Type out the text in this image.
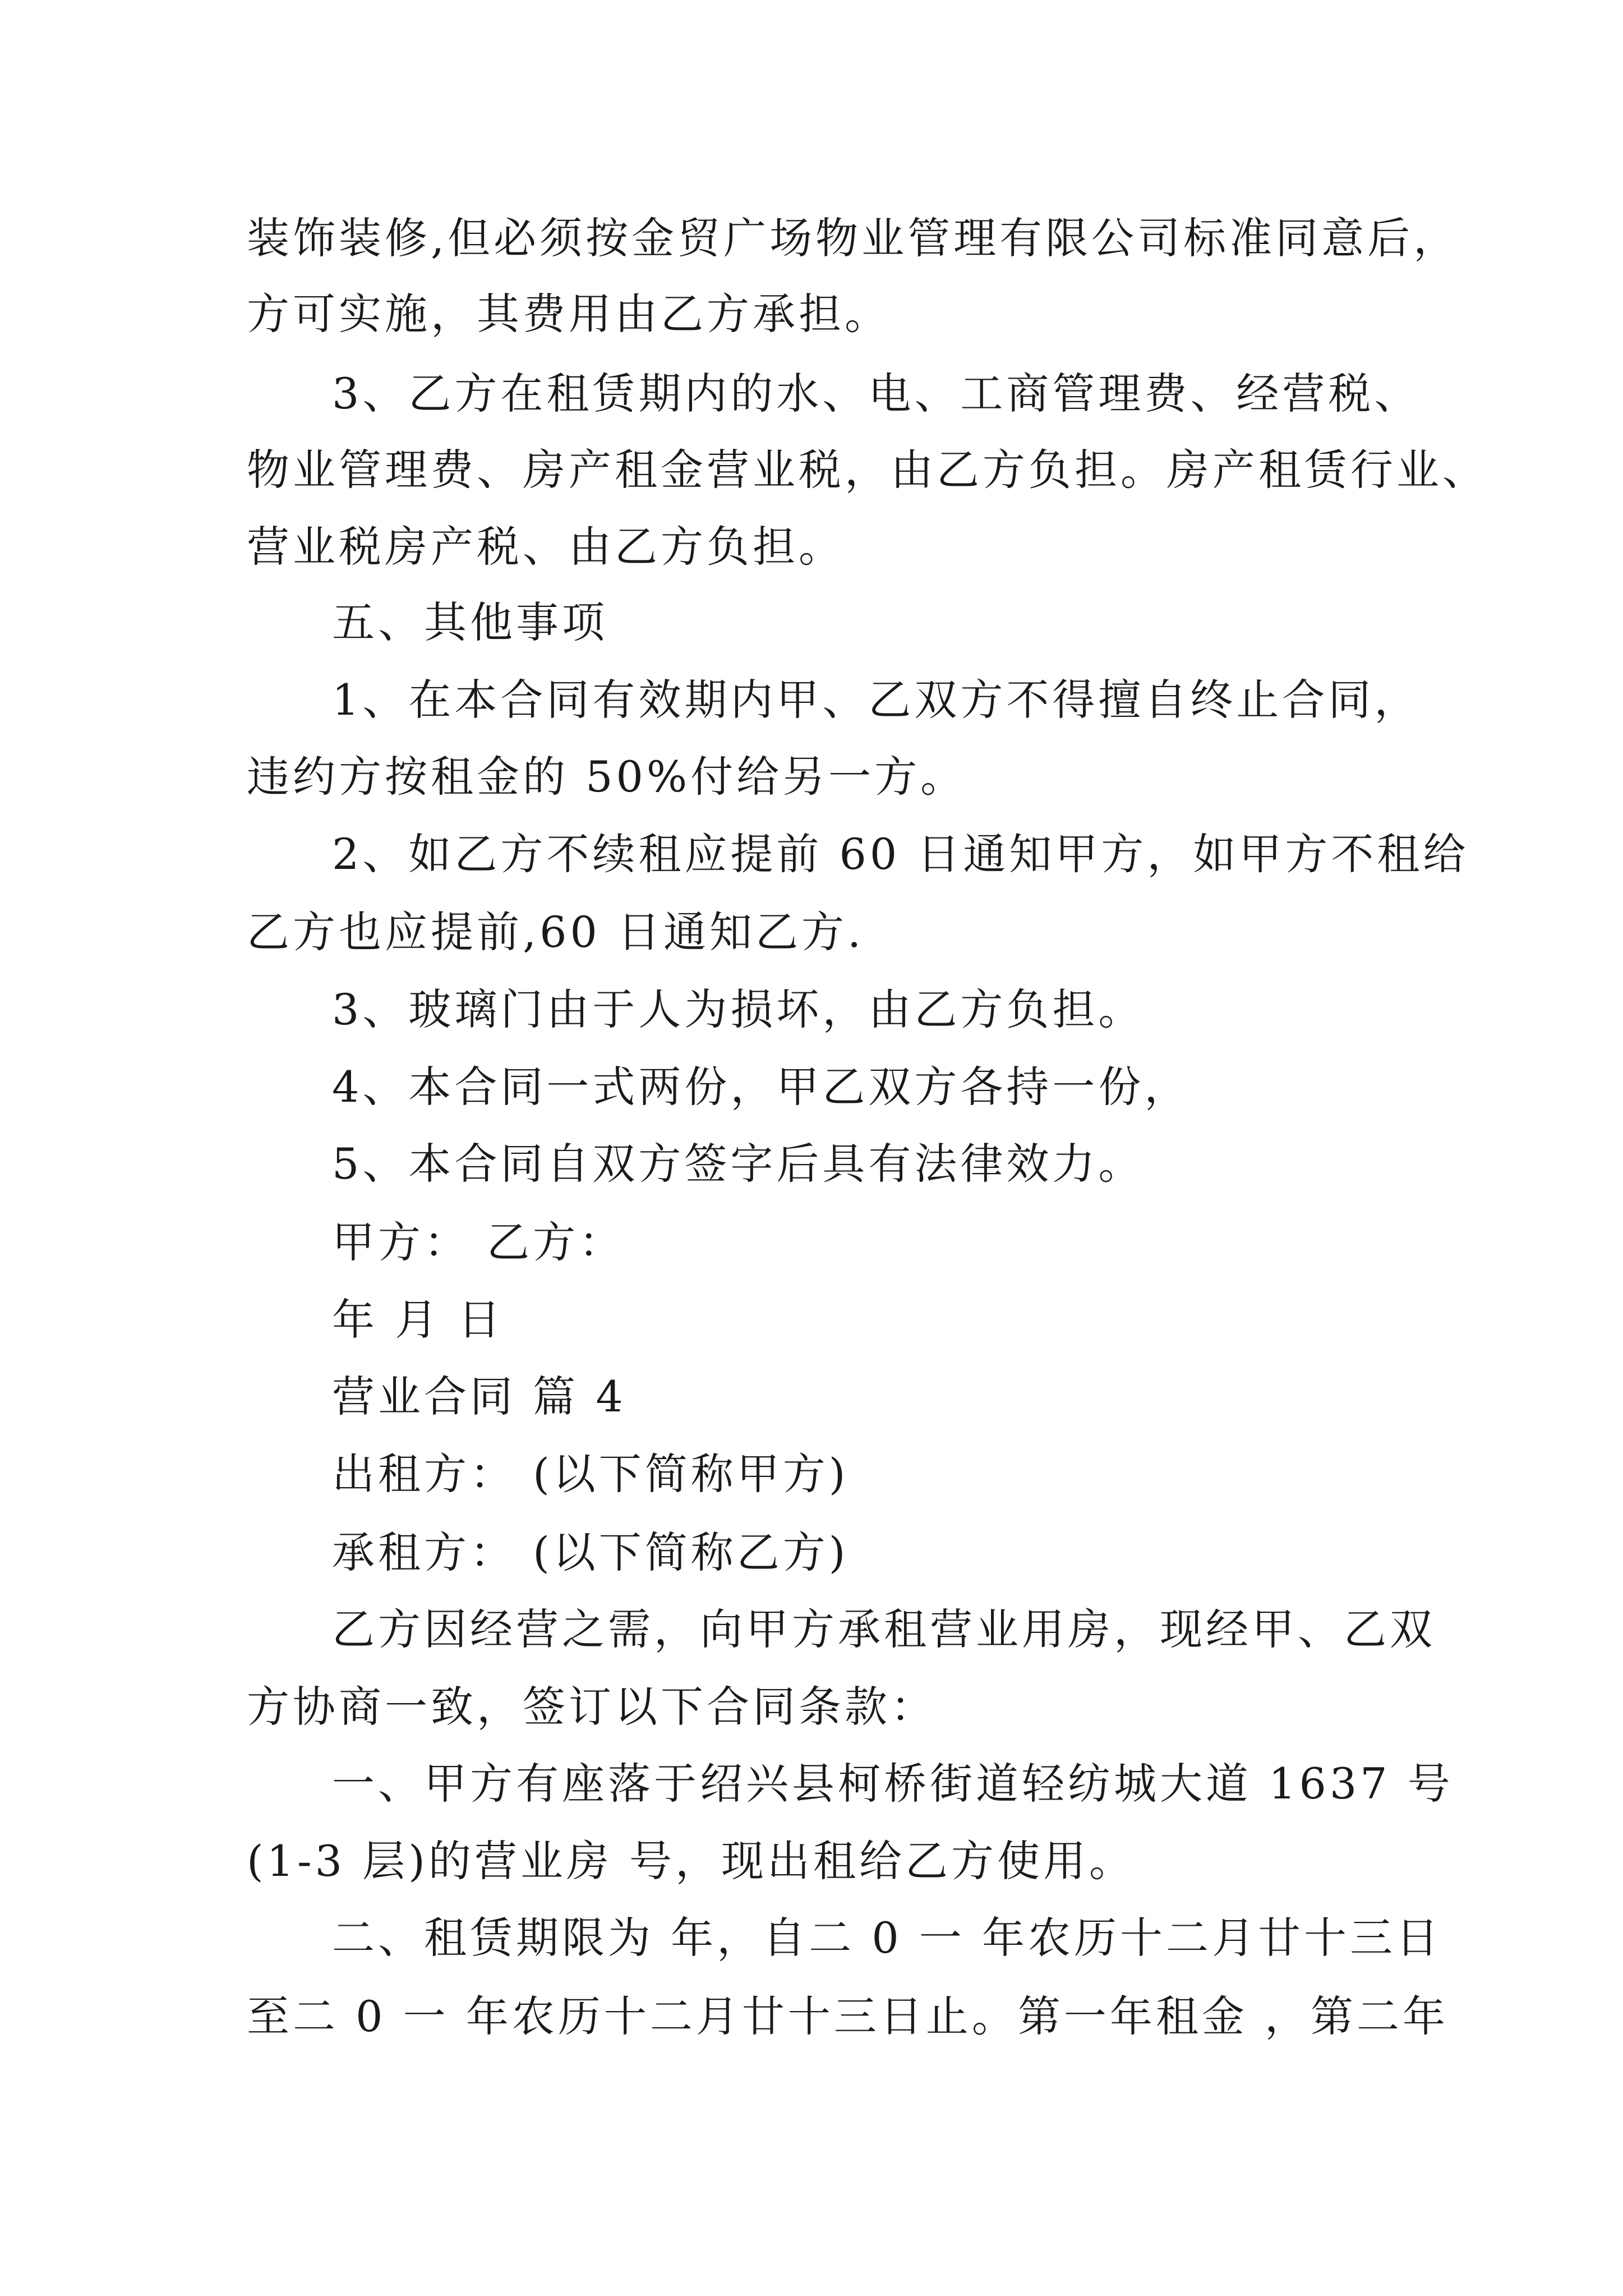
装饰装修,但必须按金贸广场物业管理有限公司标准同意后，
方可实施，其费用由乙方承担。
3、乙方在租赁期内的水、电、工商管理费、经营税、
物业管理费、房产租金营业税，由乙方负担。房产租赁行业、
营业税房产税、由乙方负担。
五、其他事项
1、在本合同有效期内甲、乙双方不得擅自终止合同，
违约方按租金的 50%付给另一方。
2、如乙方不续租应提前 60 日通知甲方，如甲方不租给
乙方也应提前,60 日通知乙方.
3、玻璃门由于人为损坏，由乙方负担。
4、本合同一式两份，甲乙双方各持一份，
5、本合同自双方签字后具有法律效力。
甲方： 乙方：
年 月 日
营业合同 篇 4
出租方： (以下简称甲方)
承租方： (以下简称乙方)
乙方因经营之需，向甲方承租营业用房，现经甲、乙双
方协商一致，签订以下合同条款：
一、甲方有座落于绍兴县柯桥街道轻纺城大道 1637 号
(1-3 层)的营业房 号，现出租给乙方使用。
二、租赁期限为 年，自二 0 一 年农历十二月廿十三日
至二 0 一 年农历十二月廿十三日止。第一年租金 ，第二年
